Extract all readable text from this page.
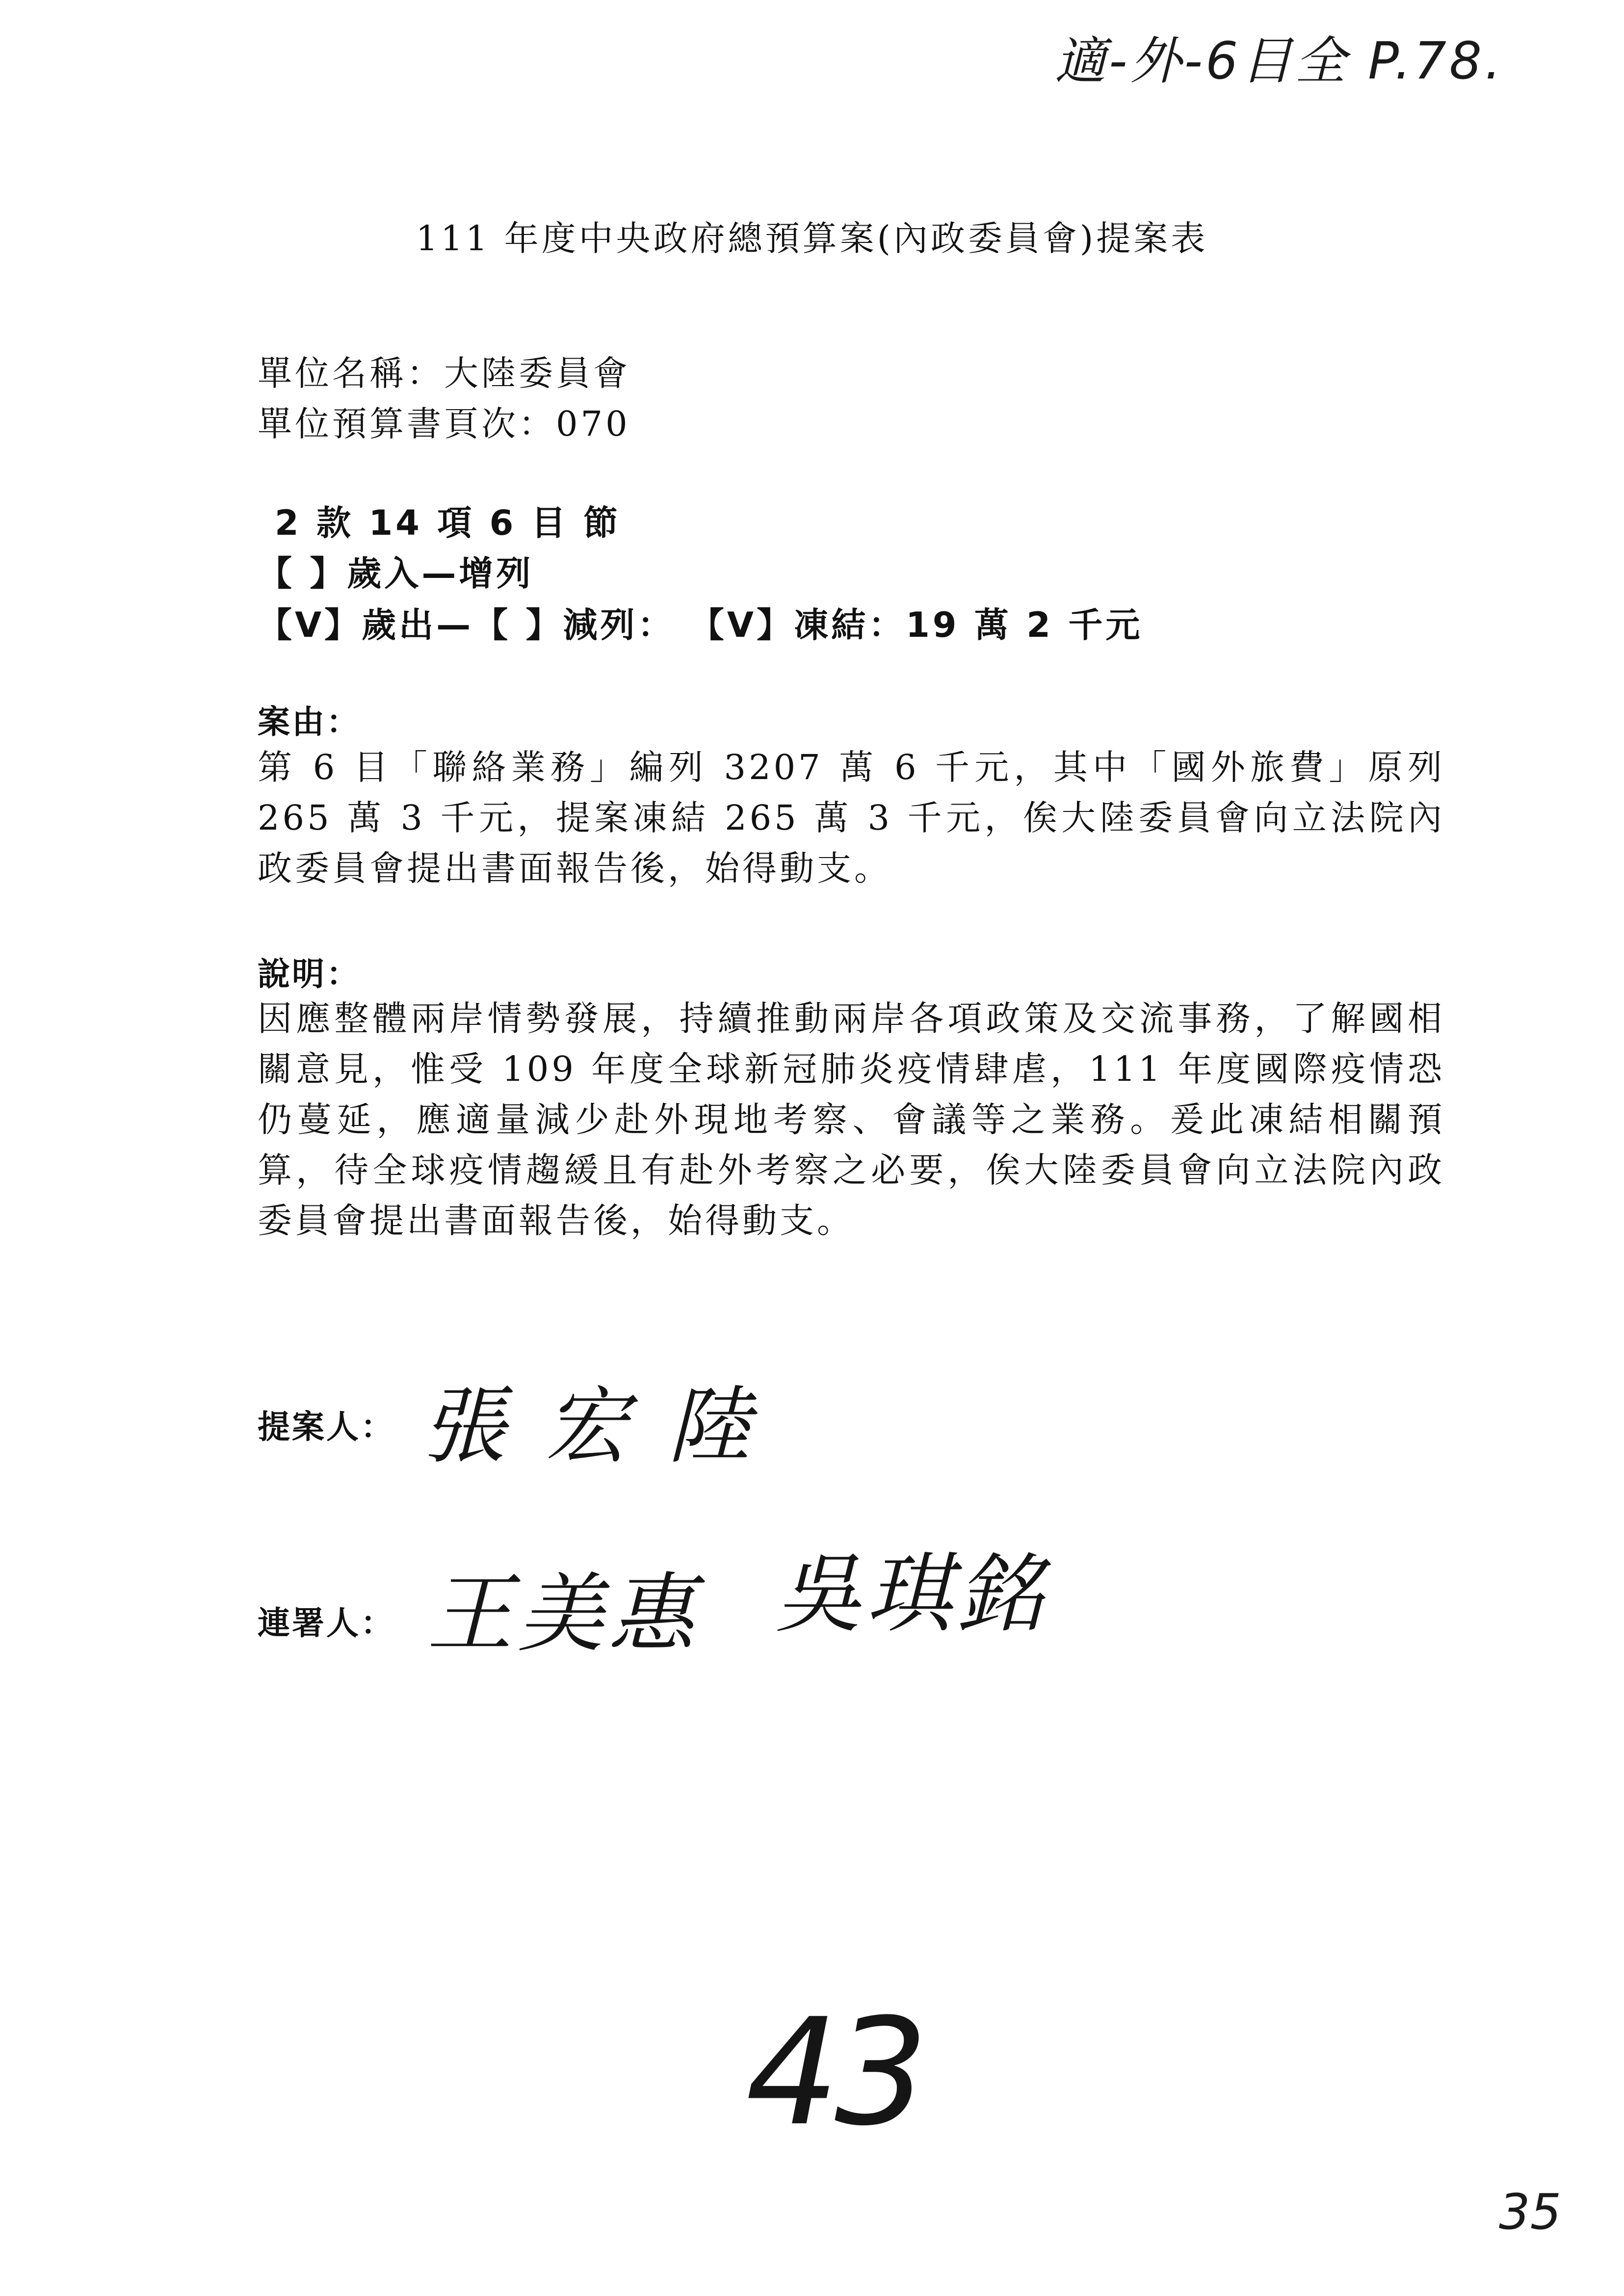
適-外-6目全 P.78.
111 年度中央政府總預算案(內政委員會)提案表
單位名稱：大陸委員會
單位預算書頁次：070
2 款 14 項 6 目 節
【 】歲入—增列
【V】歲出—【 】減列： 【V】凍結：19 萬 2 千元
案由：
第 6 目「聯絡業務」編列 3207 萬 6 千元，其中「國外旅費」原列 265 萬 3 千元，提案凍結 265 萬 3 千元，俟大陸委員會向立法院內政委員會提出書面報告後，始得動支。
說明：
因應整體兩岸情勢發展，持續推動兩岸各項政策及交流事務，了解國相關意見，惟受 109 年度全球新冠肺炎疫情肆虐，111 年度國際疫情恐仍蔓延，應適量減少赴外現地考察、會議等之業務。爰此凍結相關預算，待全球疫情趨緩且有赴外考察之必要，俟大陸委員會向立法院內政委員會提出書面報告後，始得動支。
提案人： 張宏陸
連署人： 王美惠 吳琪銘
43
35
